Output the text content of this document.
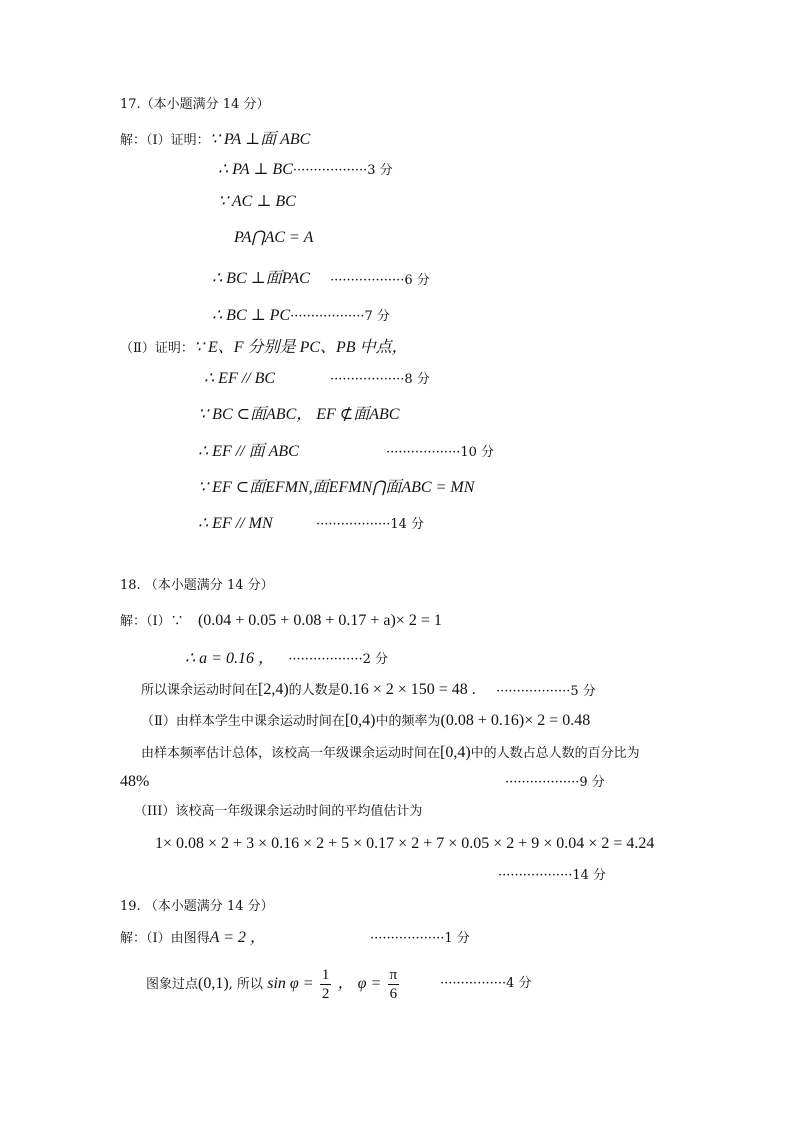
17.（本小题满分 14 分）
解：（Ⅰ）证明：∵ PA ⊥面 ABC
∴ PA ⊥ BC··················3 分
∵ AC ⊥ BC
PA⋂AC = A
∴ BC ⊥面PAC ··················6 分
∴ BC ⊥ PC··················7 分
（Ⅱ）证明：∵ E、F 分别是 PC、PB 中点，
∴ EF // BC	··················8 分
∵ BC ⊂面ABC， EF ⊄面ABC
∴ EF // 面 ABC	··················10 分
∵ EF ⊂面EFMN,面EFMN⋂面ABC = MN
∴ EF // MN	··················14 分
18. （本小题满分 14 分）
解：（Ⅰ）∵ (0.04 + 0.05 + 0.08 + 0.17 + a)× 2 = 1
∴ a = 0.16 ， ··················2 分
所以课余运动时间在[2,4)的人数是0.16 × 2 × 150 = 48 . ··················5 分
（Ⅱ）由样本学生中课余运动时间在[0,4)中的频率为(0.08 + 0.16)× 2 = 0.48
由样本频率估计总体，该校高一年级课余运动时间在[0,4)中的人数占总人数的百分比为
48%	··················9 分
（III）该校高一年级课余运动时间的平均值估计为
1× 0.08 × 2 + 3 × 0.16 × 2 + 5 × 0.17 × 2 + 7 × 0.05 × 2 + 9 × 0.04 × 2 = 4.24
··················14 分
19. （本小题满分 14 分）
解：（Ⅰ）由图得A = 2 ，	··················1 分
图象过点(0,1), 所以 $\sin \varphi = \frac{1}{2}$ ， $\varphi = \frac{\pi}{6}$	················4 分
